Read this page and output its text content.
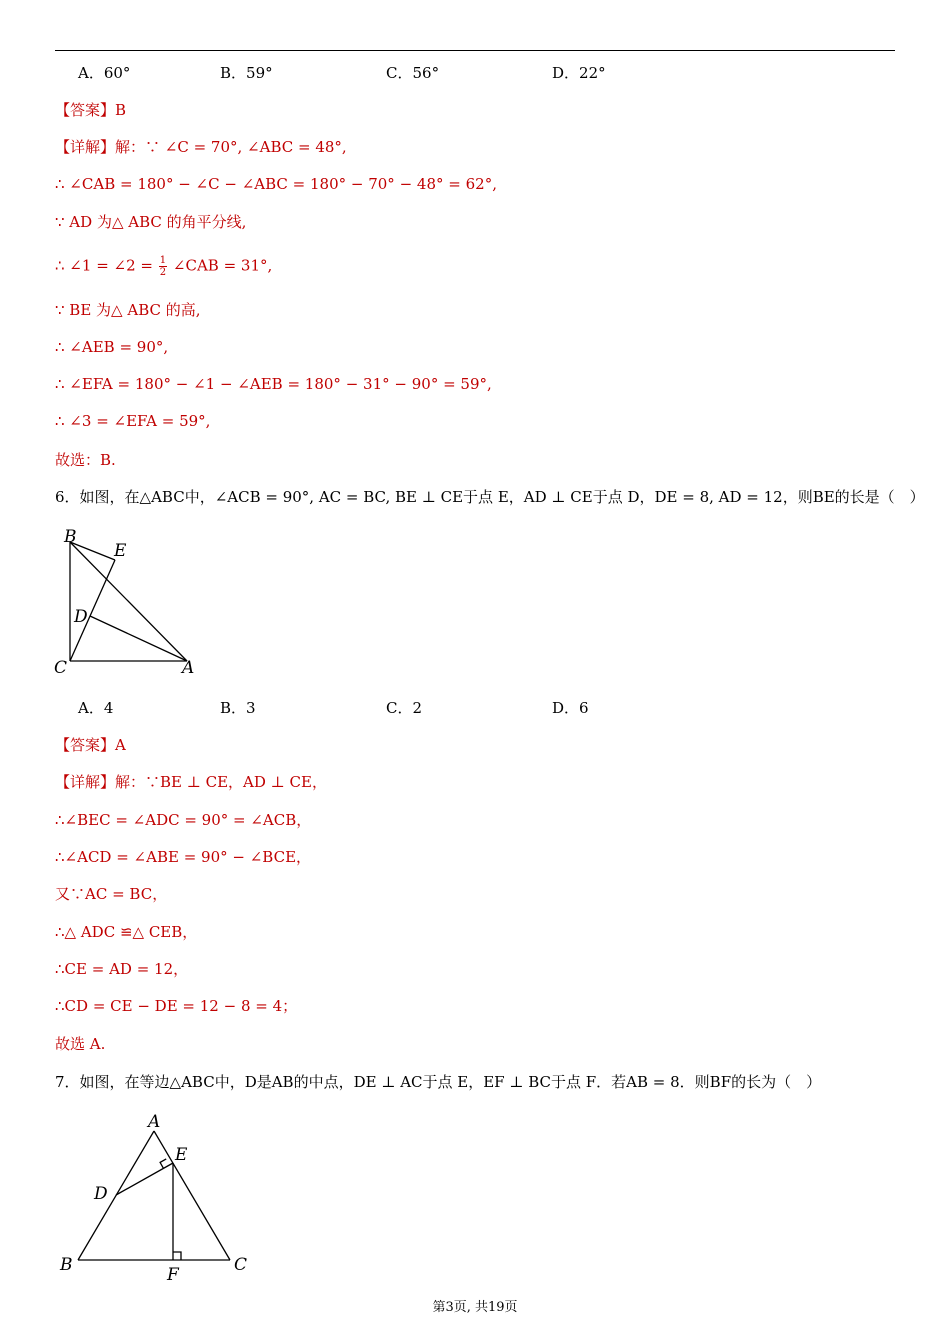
A．60°	B．59°	C．56°	D．22°
【答案】B
【详解】解：∵ ∠C = 70°, ∠ABC = 48°,
∴ ∠CAB = 180° − ∠C − ∠ABC = 180° − 70° − 48° = 62°,
∵ AD 为△ ABC 的角平分线,
∴ ∠1 = ∠2 = $\frac{1}{2}$ ∠CAB = 31°,
∵ BE 为△ ABC 的高,
∴ ∠AEB = 90°,
∴ ∠EFA = 180° − ∠1 − ∠AEB = 180° − 31° − 90° = 59°,
∴ ∠3 = ∠EFA = 59°,
故选：B.
6．如图，在△ABC中，∠ACB = 90°, AC = BC, BE ⊥ CE于点 E，AD ⊥ CE于点 D，DE = 8, AD = 12，则BE的长是（　）
B
E
D
C	A
A．4	B．3	C．2	D．6
【答案】A
【详解】解：∵BE ⊥ CE，AD ⊥ CE，
∴∠BEC = ∠ADC = 90° = ∠ACB，
∴∠ACD = ∠ABE = 90° − ∠BCE，
又∵AC = BC，
∴△ ADC ≌△ CEB，
∴CE = AD = 12，
∴CD = CE − DE = 12 − 8 = 4；
故选 A.
7．如图，在等边△ABC中，D是AB的中点，DE ⊥ AC于点 E，EF ⊥ BC于点 F．若AB = 8．则BF的长为（　）
A
E
D
B	F	C
第3页, 共19页
